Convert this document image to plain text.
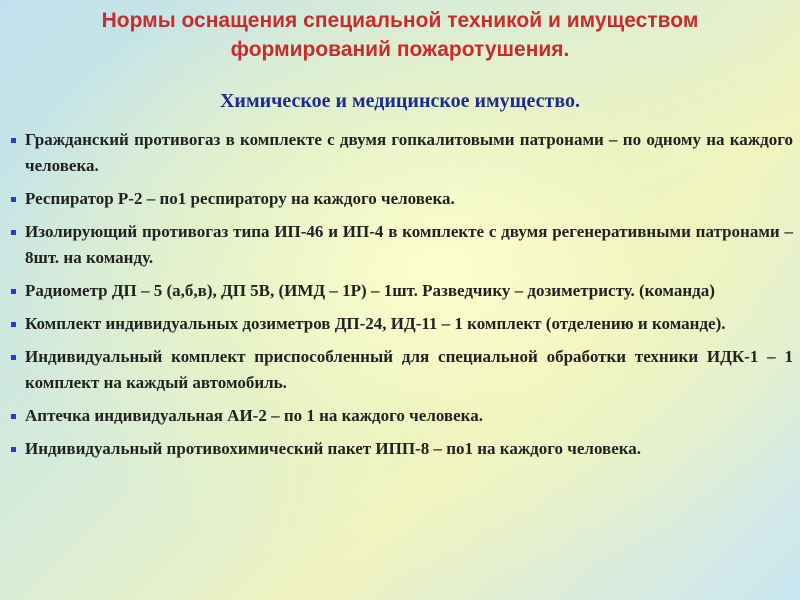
Нормы оснащения специальной техникой и имуществом
формирований пожаротушения.
Химическое и медицинское имущество.
Гражданский противогаз в комплекте с двумя гопкалитовыми патронами – по одному на каждого человека.
Респиратор Р-2 – по1 респиратору на каждого человека.
Изолирующий противогаз типа ИП-46 и ИП-4 в комплекте с двумя регенеративными патронами – 8шт. на команду.
Радиометр ДП – 5 (а,б,в), ДП 5В, (ИМД – 1Р) – 1шт. Разведчику – дозиметристу. (команда)
Комплект индивидуальных дозиметров ДП-24, ИД-11 – 1 комплект (отделению и команде).
Индивидуальный комплект приспособленный для специальной обработки техники ИДК-1 – 1 комплект на каждый автомобиль.
Аптечка индивидуальная АИ-2 – по 1 на каждого человека.
Индивидуальный противохимический пакет ИПП-8 – по1 на каждого человека.
